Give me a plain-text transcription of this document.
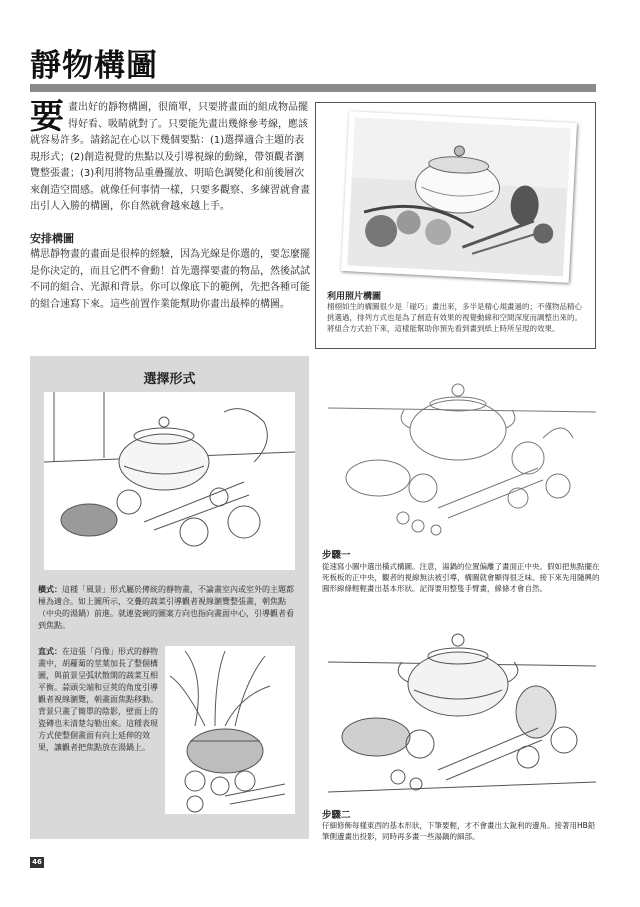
靜物構圖
要 畫出好的靜物構圖，很簡單，只要將畫面的組成物品擺得好看、吸睛就對了。只要能先畫出幾條參考線，應該就容易許多。請銘記在心以下幾個要點：(1)選擇適合主題的表現形式；(2)創造視覺的焦點以及引導視線的動線，帶領觀者瀏覽整張畫；(3)利用將物品重疊擺放、明暗色調變化和前後層次來創造空間感。就像任何事情一樣，只要多觀察、多練習就會畫出引人入勝的構圖，你自然就會越來越上手。
安排構圖
構思靜物畫的畫面是很棒的經驗，因為光線是你選的，要怎麼擺是你決定的，而且它們不會動！首先選擇要畫的物品，然後試試不同的組合、光源和背景。你可以像底下的範例，先把各種可能的組合速寫下來。這些前置作業能幫助你畫出最棒的構圖。
利用照片構圖
栩栩如生的構圖很少是「碰巧」畫出來，多半是精心規畫過的；不僅物品精心挑選過，排列方式也是為了創造有效果的視覺動線和空間深度而調整出來的。將組合方式拍下來，這樣能幫助你預先看到畫到紙上時所呈現的效果。
選擇形式
橫式：這種「風景」形式屬於傳統的靜物畫，不論畫室內或室外的主題都極為適合。如上圖所示，交疊的蔬菜引導觀者視線瀏覽整張畫，朝焦點（中央的湯鍋）前進。就連瓷碗的圖案方向也指向畫面中心，引導觀者看到焦點。
直式：在這張「肖像」形式的靜物畫中，胡蘿蔔的莖葉加長了整個構圖，與前景呈弧狀散開的蔬菜互相平衡。蒜頭尖端和豆莢的角度引導觀者視線瀏覽，朝畫面焦點移動。背景只畫了簡單的陰影，壁面上的瓷磚也未清楚勾勒出來。這種表現方式使整個畫面有向上延伸的效果，讓觀者把焦點放在湯鍋上。
步驟一
從速寫小圖中選出橫式構圖。注意，湯鍋的位置偏離了畫面正中央。假如把焦點擺在死板板的正中央，觀者的視線無法被引導，構圖就會顯得很乏味。接下來先用隨興的圓形線條輕輕畫出基本形狀。記得要用整隻手臂畫，線條才會自然。
步驟二
仔細修飾每樣東西的基本形狀，下筆要輕，才不會畫出太銳利的邊角。接著用HB鉛筆側邊畫出投影，同時再多畫一些湯鍋的細部。
46
